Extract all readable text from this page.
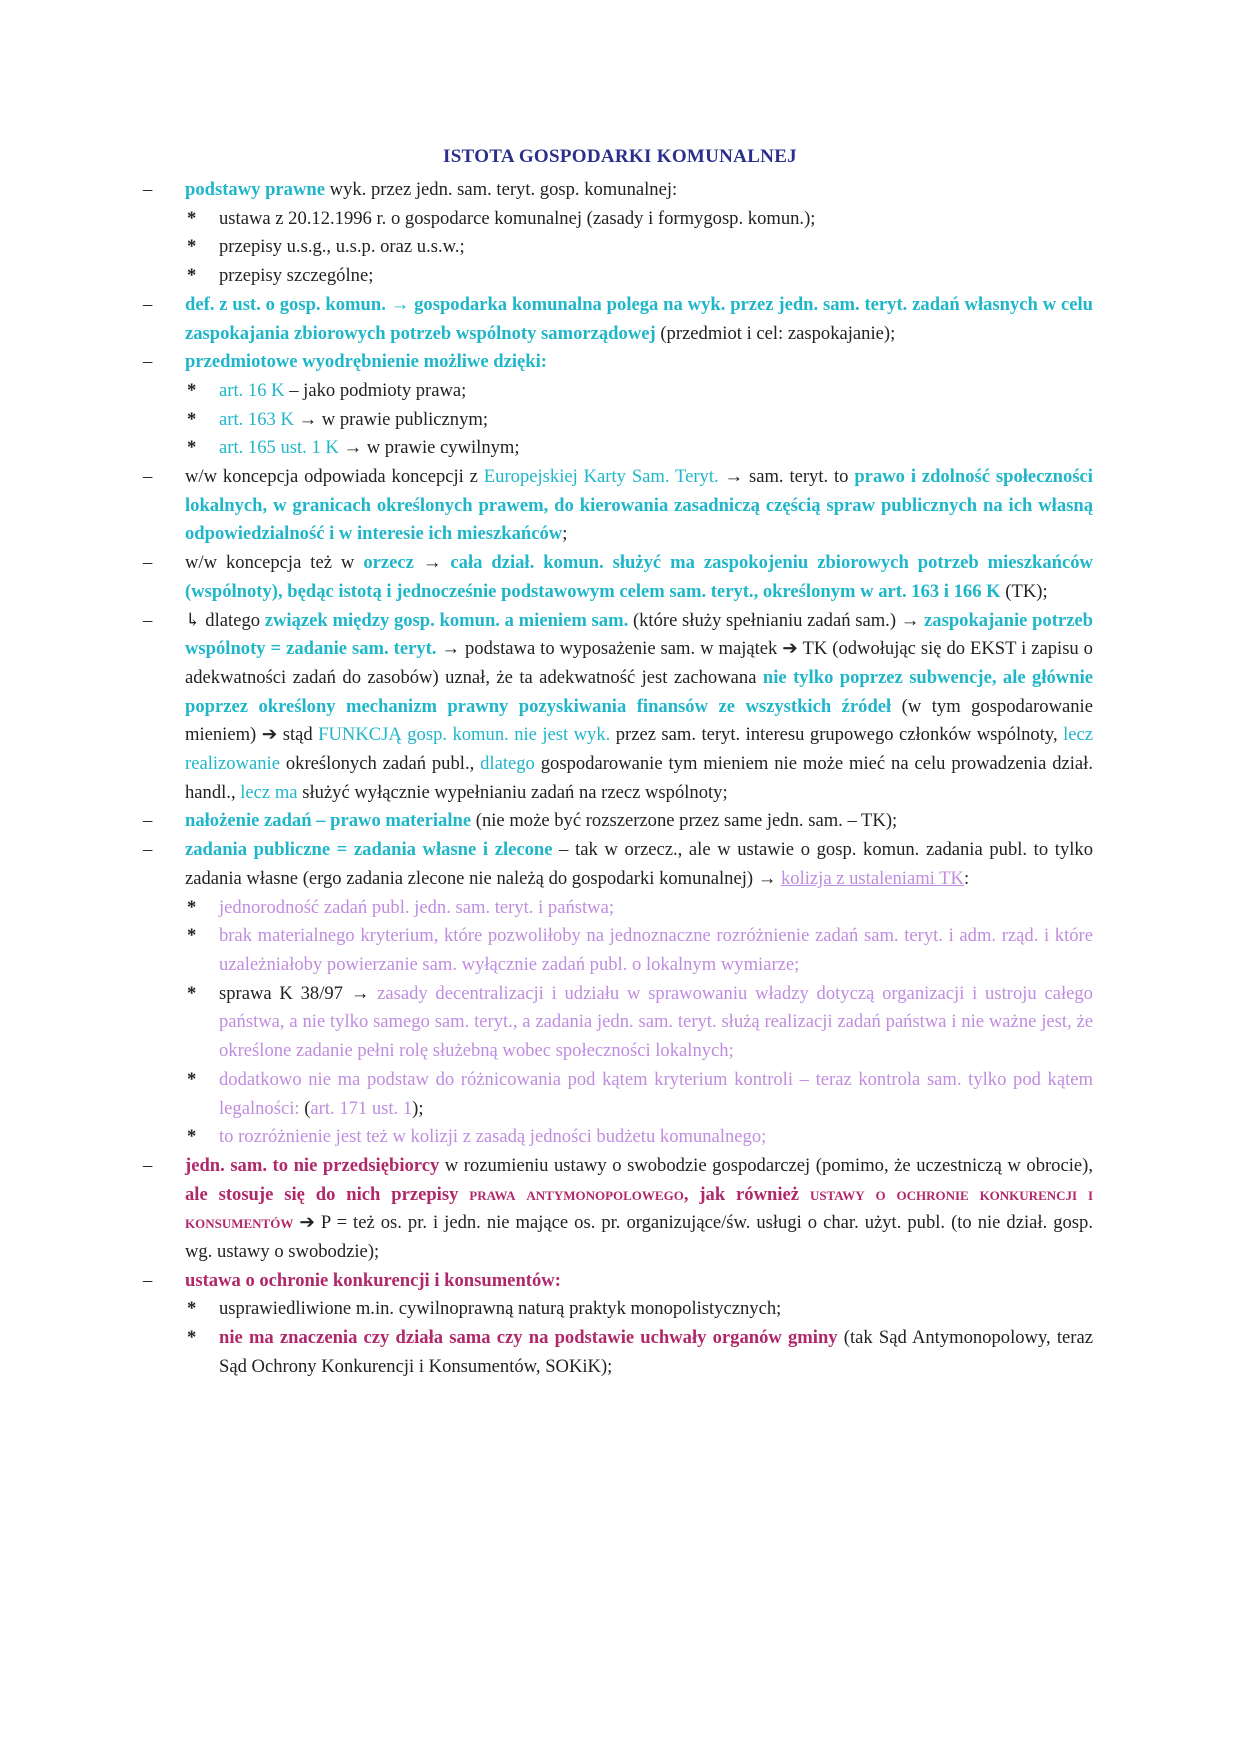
ISTOTA GOSPODARKI KOMUNALNEJ

–	podstawy prawne wyk. przez jedn. sam. teryt. gosp. komunalnej:

* ustawa z 20.12.1996 r. o gospodarce komunalnej (zasady i formygosp. komun.);

* przepisy u.s.g., u.s.p. oraz u.s.w.;

* przepisy szczególne;

–	def. z ust. o gosp. komun. → gospodarka komunalna polega na wyk. przez jedn. sam. teryt. zadań własnych w celu zaspokajania zbiorowych potrzeb wspólnoty samorządowej (przedmiot i cel: zaspokajanie);

–	przedmiotowe wyodrębnienie możliwe dzięki:

* art. 16 K – jako podmioty prawa;

* art. 163 K → w prawie publicznym;

* art. 165 ust. 1 K → w prawie cywilnym;

–	w/w koncepcja odpowiada koncepcji z Europejskiej Karty Sam. Teryt. → sam. teryt. to prawo i zdolność społeczności lokalnych, w granicach określonych prawem, do kierowania zasadniczą częścią spraw publicznych na ich własną odpowiedzialność i w interesie ich mieszkańców;

–	w/w koncepcja też w orzecz → cała dział. komun. służyć ma zaspokojeniu zbiorowych potrzeb mieszkańców (wspólnoty), będąc istotą i jednocześnie podstawowym celem sam. teryt., określonym w art. 163 i 166 K (TK);

–	↳ dlatego związek między gosp. komun. a mieniem sam. (które służy spełnianiu zadań sam.) → zaspokajanie potrzeb wspólnoty = zadanie sam. teryt. → podstawa to wyposażenie sam. w majątek ➔ TK (odwołując się do EKST i zapisu o adekwatności zadań do zasobów) uznał, że ta adekwatność jest zachowana nie tylko poprzez subwencje, ale głównie poprzez określony mechanizm prawny pozyskiwania finansów ze wszystkich źródeł (w tym gospodarowanie mieniem) ➔ stąd FUNKCJĄ gosp. komun. nie jest wyk. przez sam. teryt. interesu grupowego członków wspólnoty, lecz realizowanie określonych zadań publ., dlatego gospodarowanie tym mieniem nie może mieć na celu prowadzenia dział. handl., lecz ma służyć wyłącznie wypełnianiu zadań na rzecz wspólnoty;

–	nałożenie zadań – prawo materialne (nie może być rozszerzone przez same jedn. sam. – TK);

–	zadania publiczne = zadania własne i zlecone – tak w orzecz., ale w ustawie o gosp. komun. zadania publ. to tylko zadania własne (ergo zadania zlecone nie należą do gospodarki komunalnej) → kolizja z ustaleniami TK:

* jednorodność zadań publ. jedn. sam. teryt. i państwa;

* brak materialnego kryterium, które pozwoliłoby na jednoznaczne rozróżnienie zadań sam. teryt. i adm. rząd. i które uzależniałoby powierzanie sam. wyłącznie zadań publ. o lokalnym wymiarze;

* sprawa K 38/97 → zasady decentralizacji i udziału w sprawowaniu władzy dotyczą organizacji i ustroju całego państwa, a nie tylko samego sam. teryt., a zadania jedn. sam. teryt. służą realizacji zadań państwa i nie ważne jest, że określone zadanie pełni rolę służebną wobec społeczności lokalnych;

* dodatkowo nie ma podstaw do różnicowania pod kątem kryterium kontroli – teraz kontrola sam. tylko pod kątem legalności: (art. 171 ust. 1);

* to rozróżnienie jest też w kolizji z zasadą jedności budżetu komunalnego;

–	jedn. sam. to nie przedsiębiorcy w rozumieniu ustawy o swobodzie gospodarczej (pomimo, że uczestniczą w obrocie), ale stosuje się do nich przepisy prawa antymonopolowego, jak również ustawy o ochronie konkurencji i konsumentów ➔ P = też os. pr. i jedn. nie mające os. pr. organizujące/św. usługi o char. użyt. publ. (to nie dział. gosp. wg. ustawy o swobodzie);

–	ustawa o ochronie konkurencji i konsumentów:

* usprawiedliwione m.in. cywilnoprawną naturą praktyk monopolistycznych;

* nie ma znaczenia czy działa sama czy na podstawie uchwały organów gminy (tak Sąd Antymonopolowy, teraz Sąd Ochrony Konkurencji i Konsumentów, SOKiK);
